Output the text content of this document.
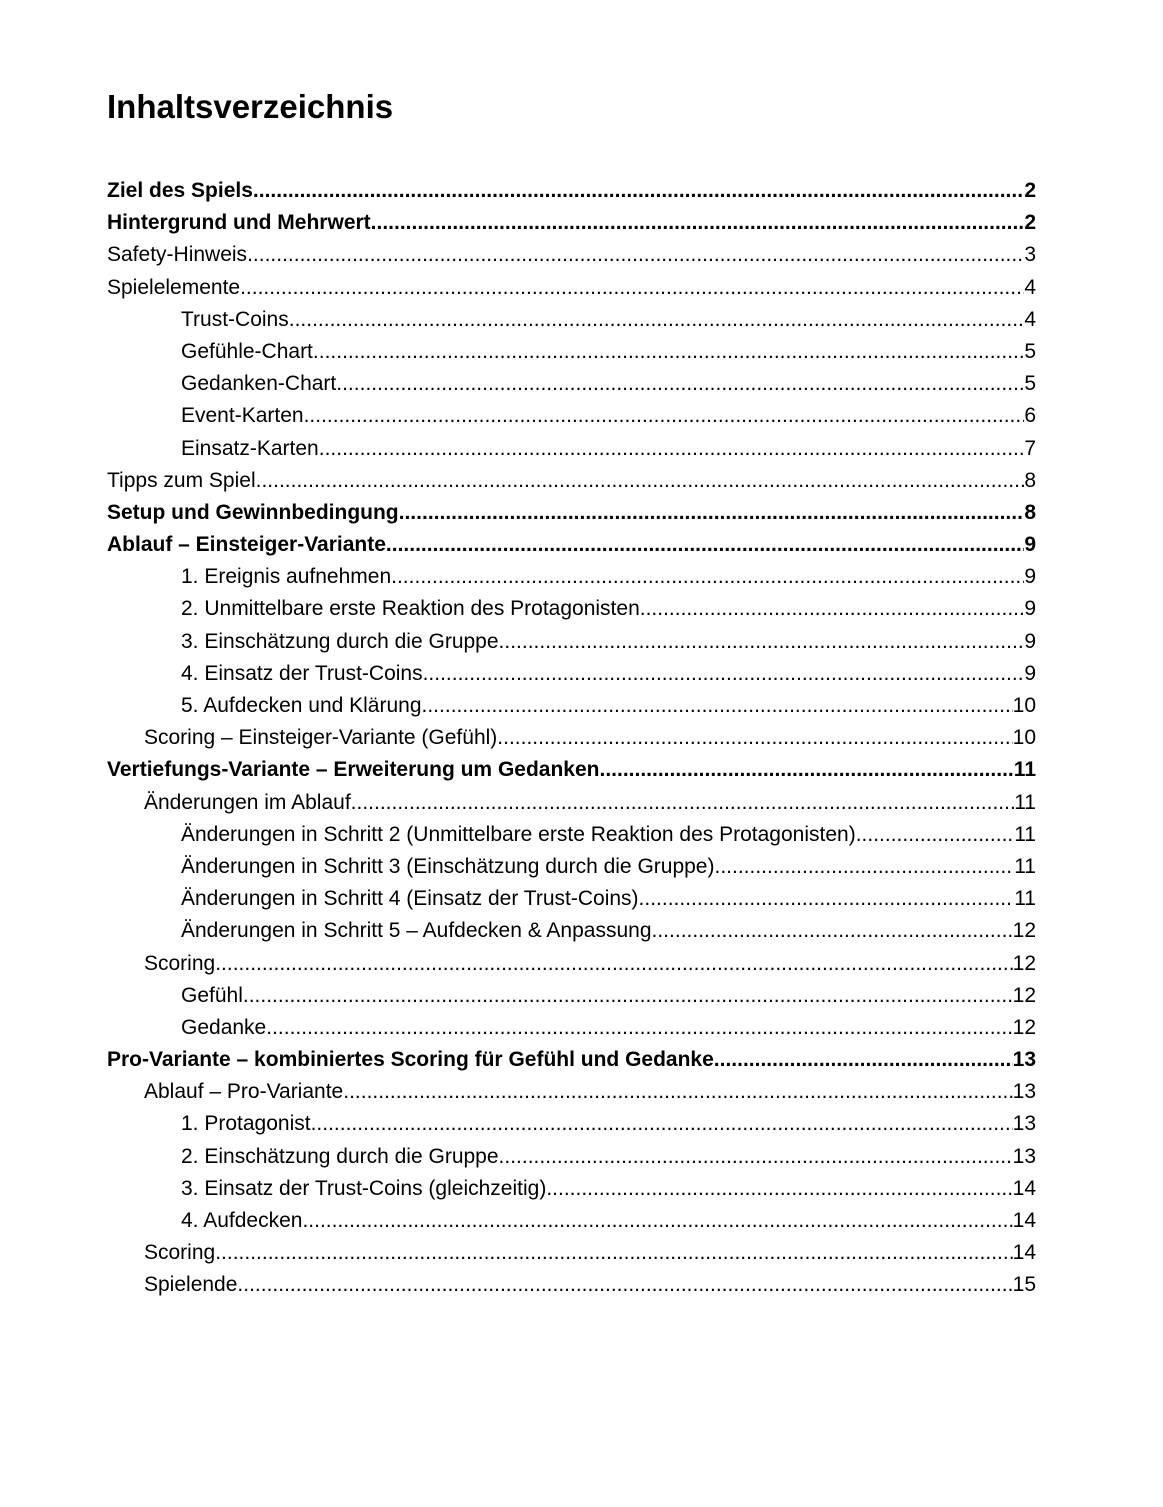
Inhaltsverzeichnis
Ziel des Spiels .....	2
Hintergrund und Mehrwert .....	2
Safety-Hinweis .....	3
Spielelemente .....	4
Trust-Coins .....	4
Gefühle-Chart .....	5
Gedanken-Chart .....	5
Event-Karten .....	6
Einsatz-Karten .....	7
Tipps zum Spiel .....	8
Setup und Gewinnbedingung .....	8
Ablauf – Einsteiger-Variante .....	9
1. Ereignis aufnehmen .....	9
2. Unmittelbare erste Reaktion des Protagonisten .....	9
3. Einschätzung durch die Gruppe .....	9
4. Einsatz der Trust-Coins .....	9
5. Aufdecken und Klärung .....	10
Scoring – Einsteiger-Variante (Gefühl) .....	10
Vertiefungs-Variante – Erweiterung um Gedanken .....	11
Änderungen im Ablauf .....	11
Änderungen in Schritt 2 (Unmittelbare erste Reaktion des Protagonisten) .....	11
Änderungen in Schritt 3 (Einschätzung durch die Gruppe) .....	11
Änderungen in Schritt 4 (Einsatz der Trust-Coins) .....	11
Änderungen in Schritt 5 – Aufdecken & Anpassung .....	12
Scoring .....	12
Gefühl .....	12
Gedanke .....	12
Pro-Variante – kombiniertes Scoring für Gefühl und Gedanke .....	13
Ablauf – Pro-Variante .....	13
1. Protagonist .....	13
2. Einschätzung durch die Gruppe .....	13
3. Einsatz der Trust-Coins (gleichzeitig) .....	14
4. Aufdecken .....	14
Scoring .....	14
Spielende .....	15
